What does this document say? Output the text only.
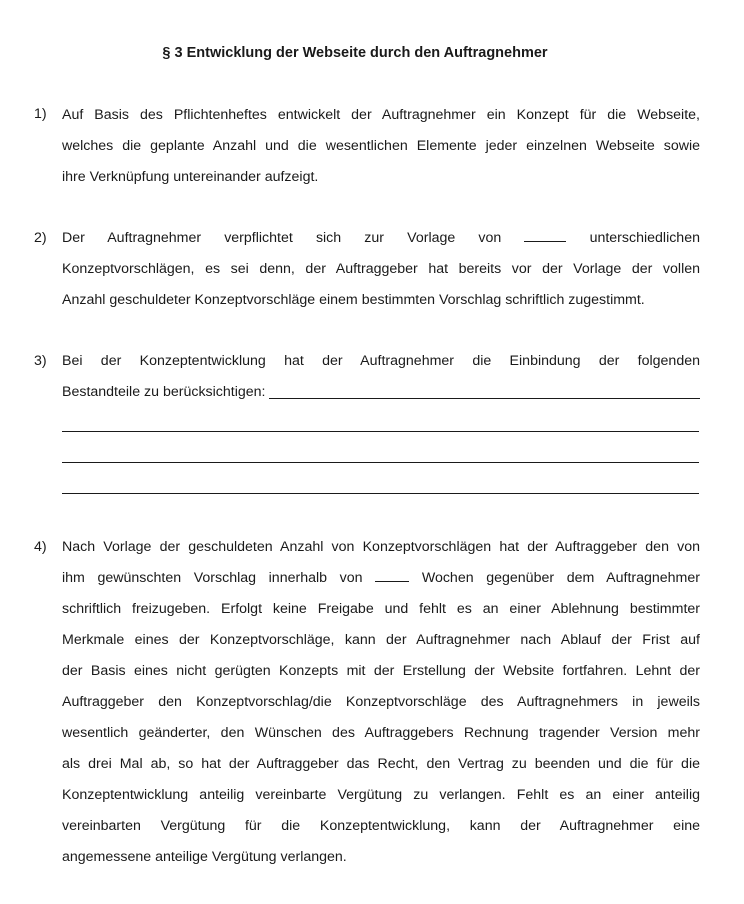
§ 3 Entwicklung der Webseite durch den Auftragnehmer
1) Auf Basis des Pflichtenheftes entwickelt der Auftragnehmer ein Konzept für die Webseite,
welches die geplante Anzahl und die wesentlichen Elemente jeder einzelnen Webseite sowie
ihre Verknüpfung untereinander aufzeigt.
2) Der Auftragnehmer verpflichtet sich zur Vorlage von	unterschiedlichen
Konzeptvorschlägen, es sei denn, der Auftraggeber hat bereits vor der Vorlage der vollen
Anzahl geschuldeter Konzeptvorschläge einem bestimmten Vorschlag schriftlich zugestimmt.
3) Bei der Konzeptentwicklung hat der Auftragnehmer die Einbindung der folgenden
Bestandteile zu berücksichtigen:
4) Nach Vorlage der geschuldeten Anzahl von Konzeptvorschlägen hat der Auftraggeber den von
ihm gewünschten Vorschlag innerhalb von	Wochen gegenüber dem Auftragnehmer
schriftlich freizugeben. Erfolgt keine Freigabe und fehlt es an einer Ablehnung bestimmter
Merkmale eines der Konzeptvorschläge, kann der Auftragnehmer nach Ablauf der Frist auf
der Basis eines nicht gerügten Konzepts mit der Erstellung der Website fortfahren. Lehnt der
Auftraggeber den Konzeptvorschlag/die Konzeptvorschläge des Auftragnehmers in jeweils
wesentlich geänderter, den Wünschen des Auftraggebers Rechnung tragender Version mehr
als drei Mal ab, so hat der Auftraggeber das Recht, den Vertrag zu beenden und die für die
Konzeptentwicklung anteilig vereinbarte Vergütung zu verlangen. Fehlt es an einer anteilig
vereinbarten Vergütung für die Konzeptentwicklung, kann der Auftragnehmer eine
angemessene anteilige Vergütung verlangen.
